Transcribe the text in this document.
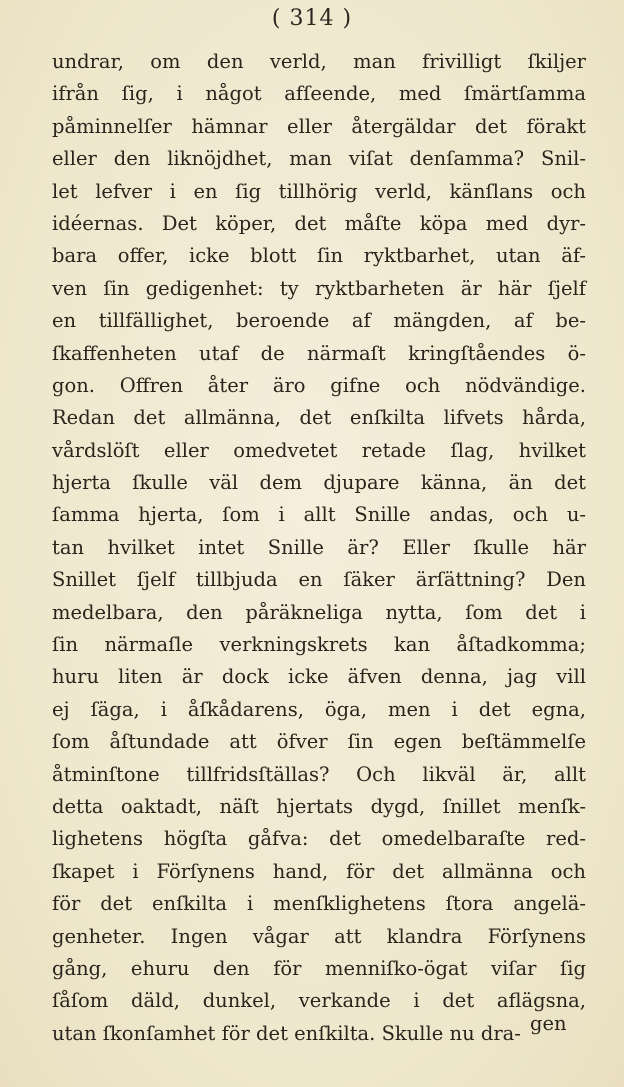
( 314 )
undrar, om den verld, man frivilligt ſkiljer
ifrån ſig, i något afſeende, med ſmärtſamma
påminnelſer hämnar eller återgäldar det förakt
eller den liknöjdhet, man viſat denſamma? Snil-
let lefver i en ſig tillhörig verld, känſlans och
idéernas. Det köper, det måſte köpa med dyr-
bara offer, icke blott ſin ryktbarhet, utan äf-
ven ſin gedigenhet: ty ryktbarheten är här ſjelf
en tillfällighet, beroende af mängden, af be-
ſkaffenheten utaf de närmaſt kringſtåendes ö-
gon. Offren åter äro gifne och nödvändige.
Redan det allmänna, det enſkilta lifvets hårda,
vårdslöſt eller omedvetet retade ſlag, hvilket
hjerta ſkulle väl dem djupare känna, än det
ſamma hjerta, ſom i allt Snille andas, och u-
tan hvilket intet Snille är? Eller ſkulle här
Snillet ſjelf tillbjuda en ſäker ärſättning? Den
medelbara, den påräkneliga nytta, ſom det i
ſin närmaſle verkningskrets kan åſtadkomma;
huru liten är dock icke äfven denna, jag vill
ej ſäga, i åſkådarens, öga, men i det egna,
ſom åſtundade att öfver ſin egen beſtämmelſe
åtminſtone tillfridsſtällas? Och likväl är, allt
detta oaktadt, näſt hjertats dygd, ſnillet menſk-
lighetens högſta gåfva: det omedelbaraſte red-
ſkapet i Förſynens hand, för det allmänna och
för det enſkilta i menſklighetens ſtora angelä-
genheter. Ingen vågar att klandra Förſynens
gång, ehuru den för menniſko-ögat viſar ſig
ſåſom däld, dunkel, verkande i det aflägsna,
utan ſkonſamhet för det enſkilta. Skulle nu dra- gen
